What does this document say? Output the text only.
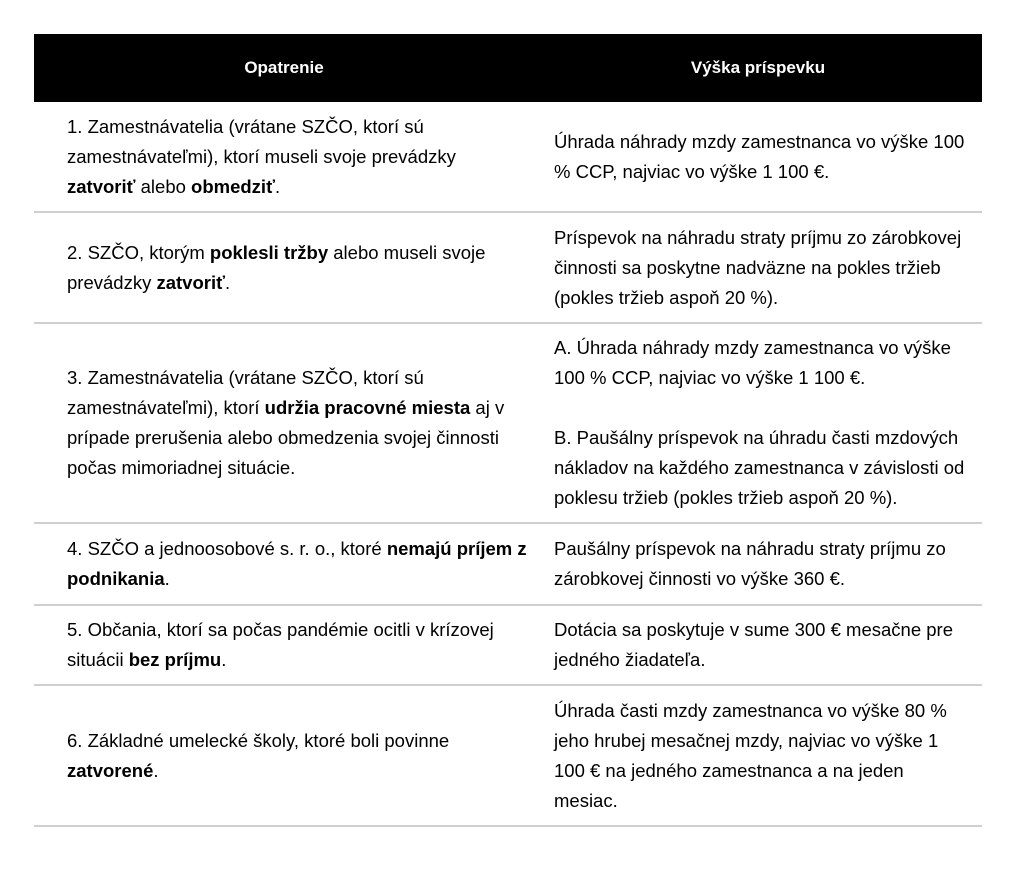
Opatrenie	Výška príspevku
1. Zamestnávatelia (vrátane SZČO, ktorí sú zamestnávateľmi), ktorí museli svoje prevádzky zatvoriť alebo obmedziť.
Úhrada náhrady mzdy zamestnanca vo výške 100 % CCP, najviac vo výške 1 100 €.
2. SZČO, ktorým poklesli tržby alebo museli svoje prevádzky zatvoriť.
Príspevok na náhradu straty príjmu zo zárobkovej činnosti sa poskytne nadväzne na pokles tržieb (pokles tržieb aspoň 20 %).
3. Zamestnávatelia (vrátane SZČO, ktorí sú zamestnávateľmi), ktorí udržia pracovné miesta aj v prípade prerušenia alebo obmedzenia svojej činnosti počas mimoriadnej situácie.
A. Úhrada náhrady mzdy zamestnanca vo výške 100 % CCP, najviac vo výške 1 100 €.
B. Paušálny príspevok na úhradu časti mzdových nákladov na každého zamestnanca v závislosti od poklesu tržieb (pokles tržieb aspoň 20 %).
4. SZČO a jednoosobové s. r. o., ktoré nemajú príjem z podnikania.
Paušálny príspevok na náhradu straty príjmu zo zárobkovej činnosti vo výške 360 €.
5. Občania, ktorí sa počas pandémie ocitli v krízovej situácii bez príjmu.
Dotácia sa poskytuje v sume 300 € mesačne pre jedného žiadateľa.
6. Základné umelecké školy, ktoré boli povinne zatvorené.
Úhrada časti mzdy zamestnanca vo výške 80 % jeho hrubej mesačnej mzdy, najviac vo výške 1 100 € na jedného zamestnanca a na jeden mesiac.
